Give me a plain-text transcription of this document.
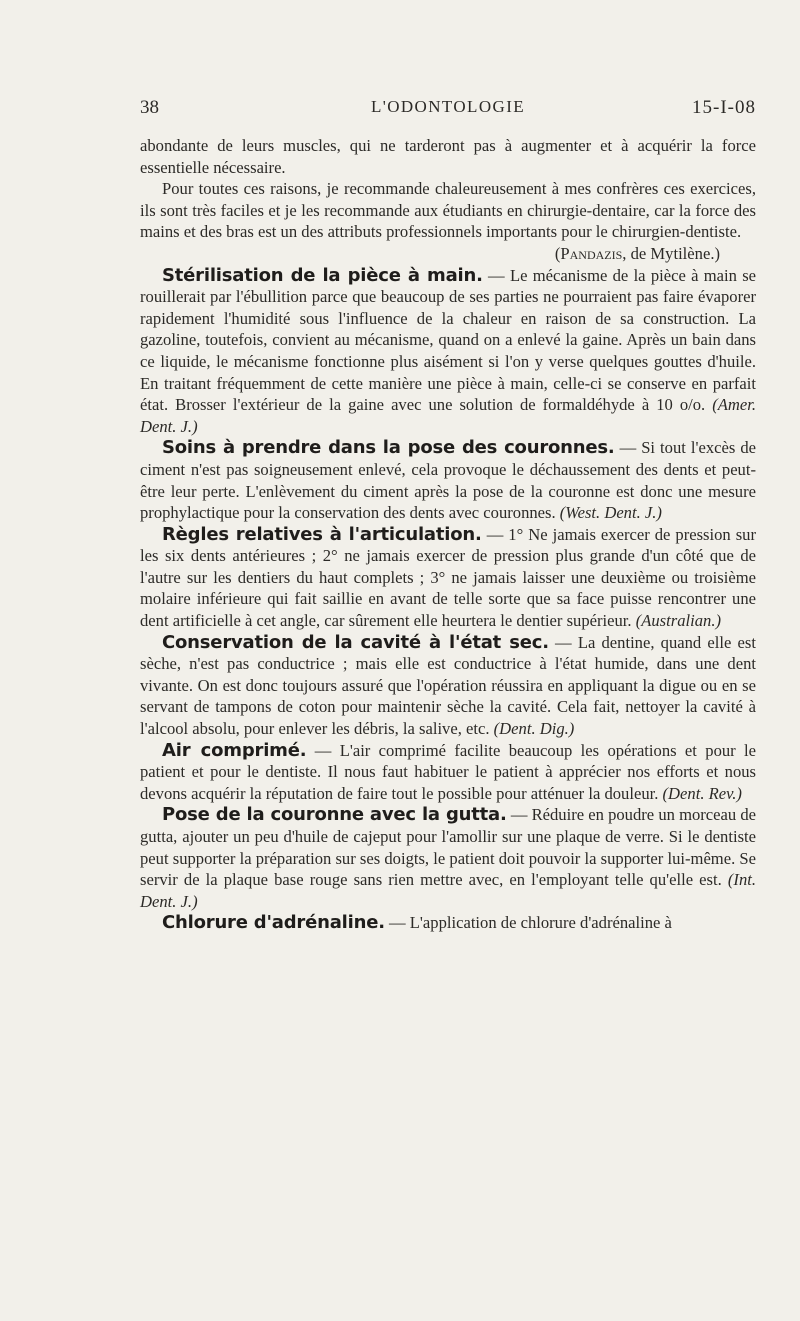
38	L'ODONTOLOGIE	15-I-08

abondante de leurs muscles, qui ne tarderont pas à augmenter et à acquérir la force essentielle nécessaire.

Pour toutes ces raisons, je recommande chaleureusement à mes confrères ces exercices, ils sont très faciles et je les recommande aux étudiants en chirurgie-dentaire, car la force des mains et des bras est un des attributs professionnels importants pour le chirurgien-dentiste.

(Pandazis, de Mytilène.)

Stérilisation de la pièce à main. — Le mécanisme de la pièce à main se rouillerait par l'ébullition parce que beaucoup de ses parties ne pourraient pas faire évaporer rapidement l'humidité sous l'influence de la chaleur en raison de sa construction. La gazoline, toutefois, convient au mécanisme, quand on a enlevé la gaine. Après un bain dans ce liquide, le mécanisme fonctionne plus aisément si l'on y verse quelques gouttes d'huile. En traitant fréquemment de cette manière une pièce à main, celle-ci se conserve en parfait état. Brosser l'extérieur de la gaine avec une solution de formaldéhyde à 10 o/o. (Amer. Dent. J.)

Soins à prendre dans la pose des couronnes. — Si tout l'excès de ciment n'est pas soigneusement enlevé, cela provoque le déchaussement des dents et peut-être leur perte. L'enlèvement du ciment après la pose de la couronne est donc une mesure prophylactique pour la conservation des dents avec couronnes. (West. Dent. J.)

Règles relatives à l'articulation. — 1° Ne jamais exercer de pression sur les six dents antérieures ; 2° ne jamais exercer de pression plus grande d'un côté que de l'autre sur les dentiers du haut complets ; 3° ne jamais laisser une deuxième ou troisième molaire inférieure qui fait saillie en avant de telle sorte que sa face puisse rencontrer une dent artificielle à cet angle, car sûrement elle heurtera le dentier supérieur. (Australian.)

Conservation de la cavité à l'état sec. — La dentine, quand elle est sèche, n'est pas conductrice ; mais elle est conductrice à l'état humide, dans une dent vivante. On est donc toujours assuré que l'opération réussira en appliquant la digue ou en se servant de tampons de coton pour maintenir sèche la cavité. Cela fait, nettoyer la cavité à l'alcool absolu, pour enlever les débris, la salive, etc. (Dent. Dig.)

Air comprimé. — L'air comprimé facilite beaucoup les opérations et pour le patient et pour le dentiste. Il nous faut habituer le patient à apprécier nos efforts et nous devons acquérir la réputation de faire tout le possible pour atténuer la douleur. (Dent. Rev.)

Pose de la couronne avec la gutta. — Réduire en poudre un morceau de gutta, ajouter un peu d'huile de cajeput pour l'amollir sur une plaque de verre. Si le dentiste peut supporter la préparation sur ses doigts, le patient doit pouvoir la supporter lui-même. Se servir de la plaque base rouge sans rien mettre avec, en l'employant telle qu'elle est. (Int. Dent. J.)

Chlorure d'adrénaline. — L'application de chlorure d'adrénaline à
